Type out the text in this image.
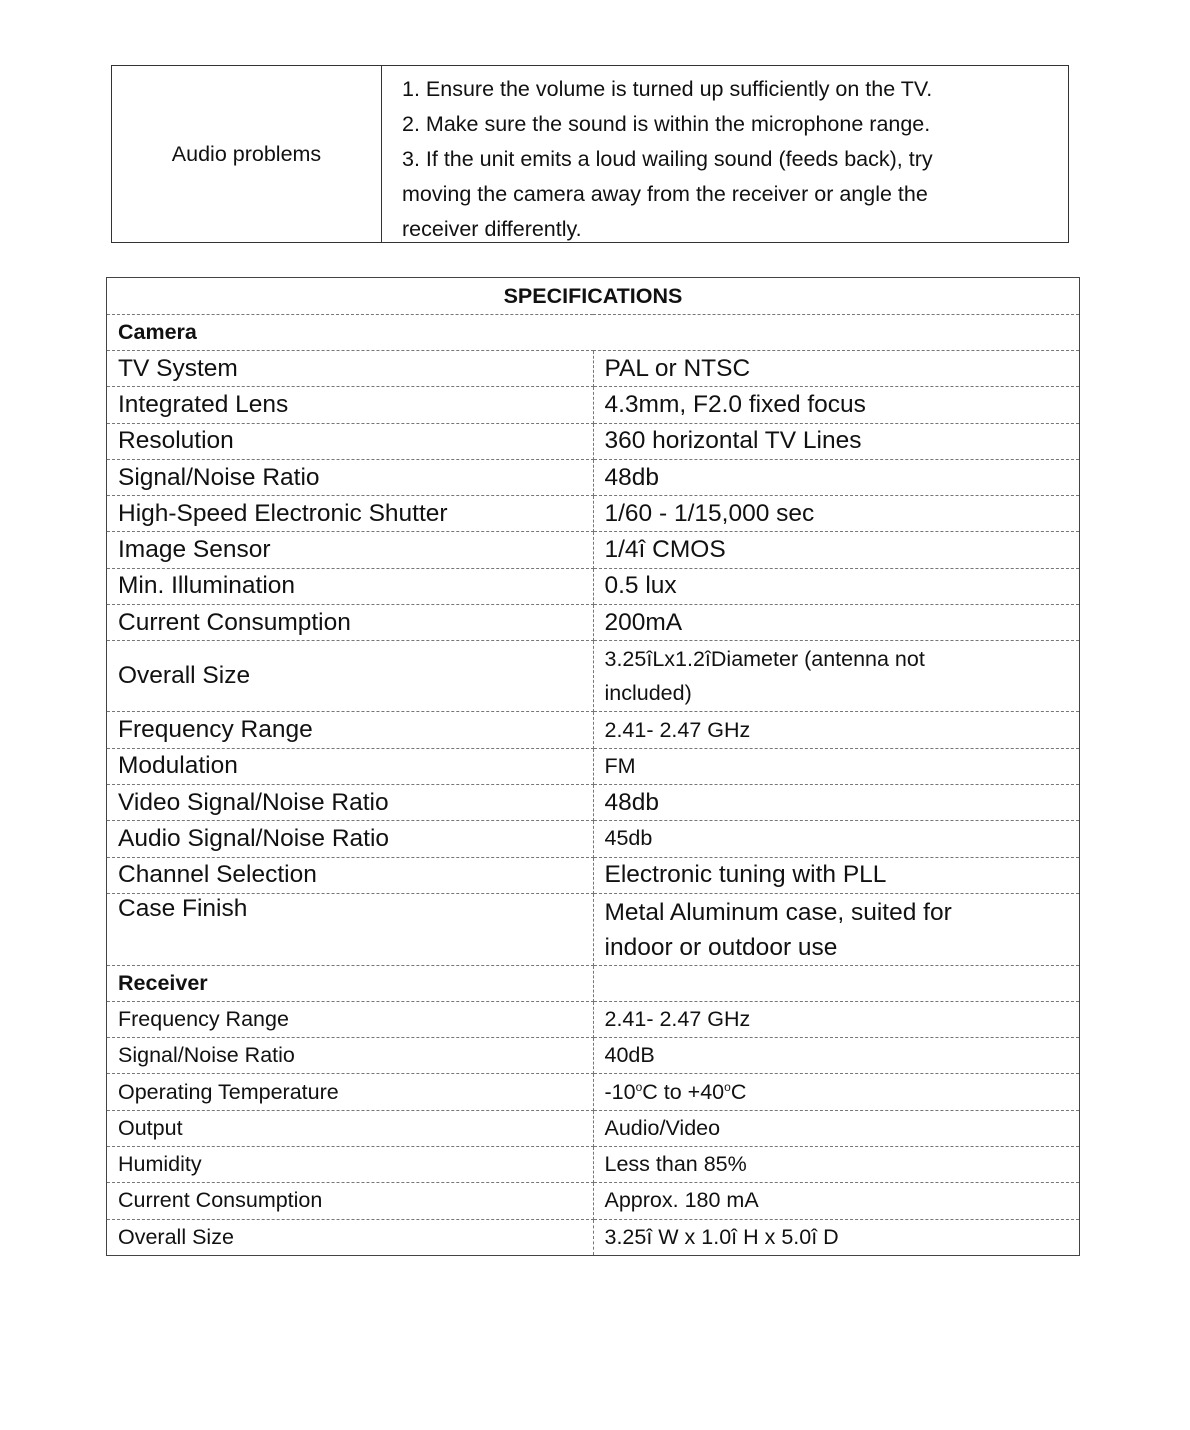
Audio problems
1. Ensure the volume is turned up sufficiently on the TV.
2. Make sure the sound is within the microphone range.
3. If the unit emits a loud wailing sound (feeds back), try
moving the camera away from the receiver or angle the
receiver differently.
SPECIFICATIONS	
Camera	
TV System	PAL or NTSC
Integrated Lens	4.3mm, F2.0 fixed focus
Resolution	360 horizontal TV Lines
Signal/Noise Ratio	48db
High-Speed Electronic Shutter	1/60 - 1/15,000 sec
Image Sensor	1/4î CMOS
Min. Illumination	0.5 lux
Current Consumption	200mA
Overall Size	3.25îLx1.2îDiameter (antenna not
included)

Frequency Range	2.41- 2.47 GHz
Modulation	FM
Video Signal/Noise Ratio	48db
Audio Signal/Noise Ratio	45db
Channel Selection	Electronic tuning with PLL
Case Finish	Metal Aluminum case, suited for
indoor or outdoor use

Receiver	
Frequency Range	2.41- 2.47 GHz
Signal/Noise Ratio	40dB
Operating Temperature	-10$^o$C to $+40^oC$
Output	Audio/Video
Humidity	Less than 85%
Current Consumption	Approx. 180 mA
Overall Size	3.25î W x 1.0î H x 5.0î D
